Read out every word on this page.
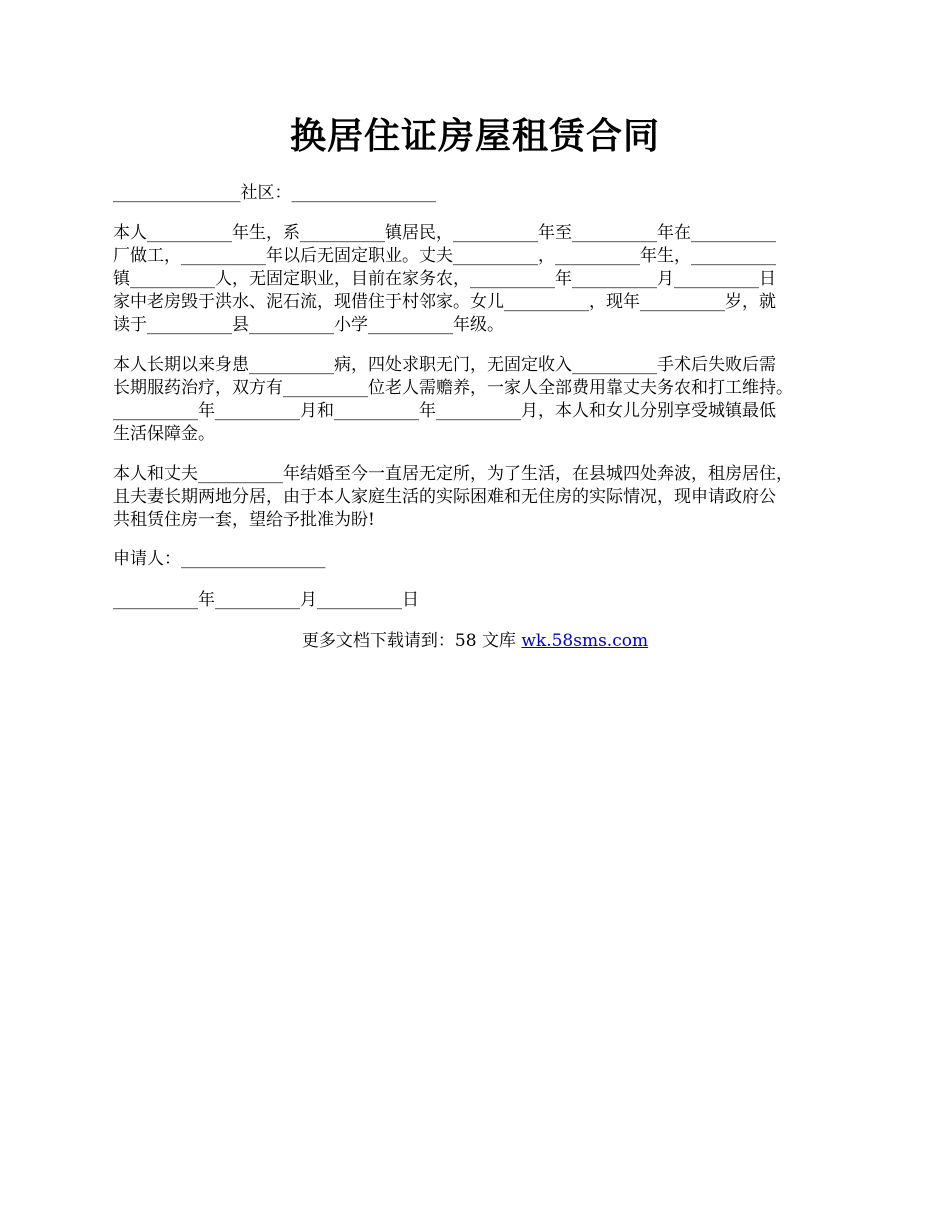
换居住证房屋租赁合同
_______________社区：_________________
本人__________年生，系__________镇居民，__________年至__________年在__________
厂做工，__________年以后无固定职业。丈夫__________，__________年生，__________
镇__________人，无固定职业，目前在家务农，__________年__________月__________日
家中老房毁于洪水、泥石流，现借住于村邻家。女儿__________，现年__________岁，就
读于__________县__________小学__________年级。
本人长期以来身患__________病，四处求职无门，无固定收入__________手术后失败后需
长期服药治疗，双方有__________位老人需赡养，一家人全部费用靠丈夫务农和打工维持。
__________年__________月和__________年__________月，本人和女儿分别享受城镇最低
生活保障金。
本人和丈夫__________年结婚至今一直居无定所，为了生活，在县城四处奔波，租房居住，
且夫妻长期两地分居，由于本人家庭生活的实际困难和无住房的实际情况，现申请政府公
共租赁住房一套，望给予批准为盼!
申请人：_________________
__________年__________月__________日
更多文档下载请到：58 文库 wk.58sms.com
